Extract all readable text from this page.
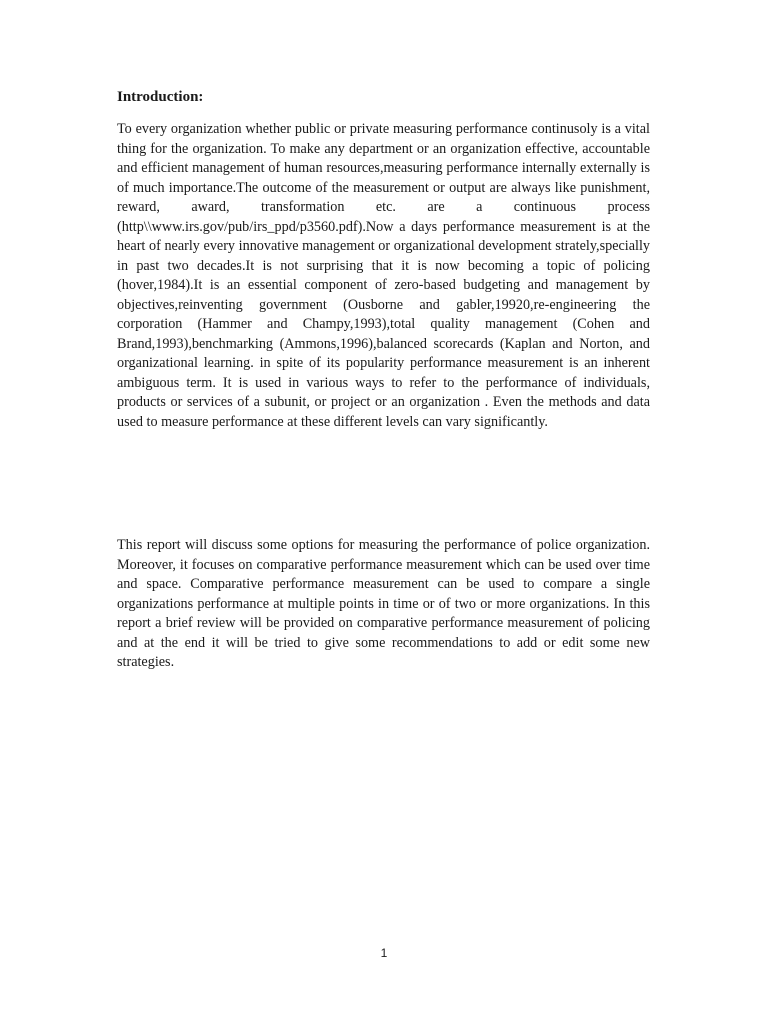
Introduction:

To every organization whether public or private measuring performance continusoly is a vital thing for the organization. To make any department or an organization effective, accountable and efficient management of human resources,measuring performance internally externally is of much importance.The outcome of the measurement or output are always like punishment, reward, award, transformation etc. are a continuous process (http\\www.irs.gov/pub/irs_ppd/p3560.pdf).Now a days performance measurement is at the heart of nearly every innovative management or organizational development strately,specially in past two decades.It is not surprising that it is now becoming a topic of policing (hover,1984).It is an essential component of zero-based budgeting and management by objectives,reinventing government (Ousborne and gabler,19920,re-engineering the corporation (Hammer and Champy,1993),total quality management (Cohen and Brand,1993),benchmarking (Ammons,1996),balanced scorecards (Kaplan and Norton, and organizational learning. in spite of its popularity performance measurement is an inherent ambiguous term. It is used in various ways to refer to the performance of individuals, products or services of a subunit, or project or an organization . Even the methods and data used to measure performance at these different levels can vary significantly.

This report will discuss some options for measuring the performance of police organization. Moreover, it focuses on comparative performance measurement which can be used over time and space. Comparative performance measurement can be used to compare a single organizations performance at multiple points in time or of two or more organizations. In this report a brief review will be provided on comparative performance measurement of policing and at the end it will be tried to give some recommendations to add or edit some new strategies.

1
